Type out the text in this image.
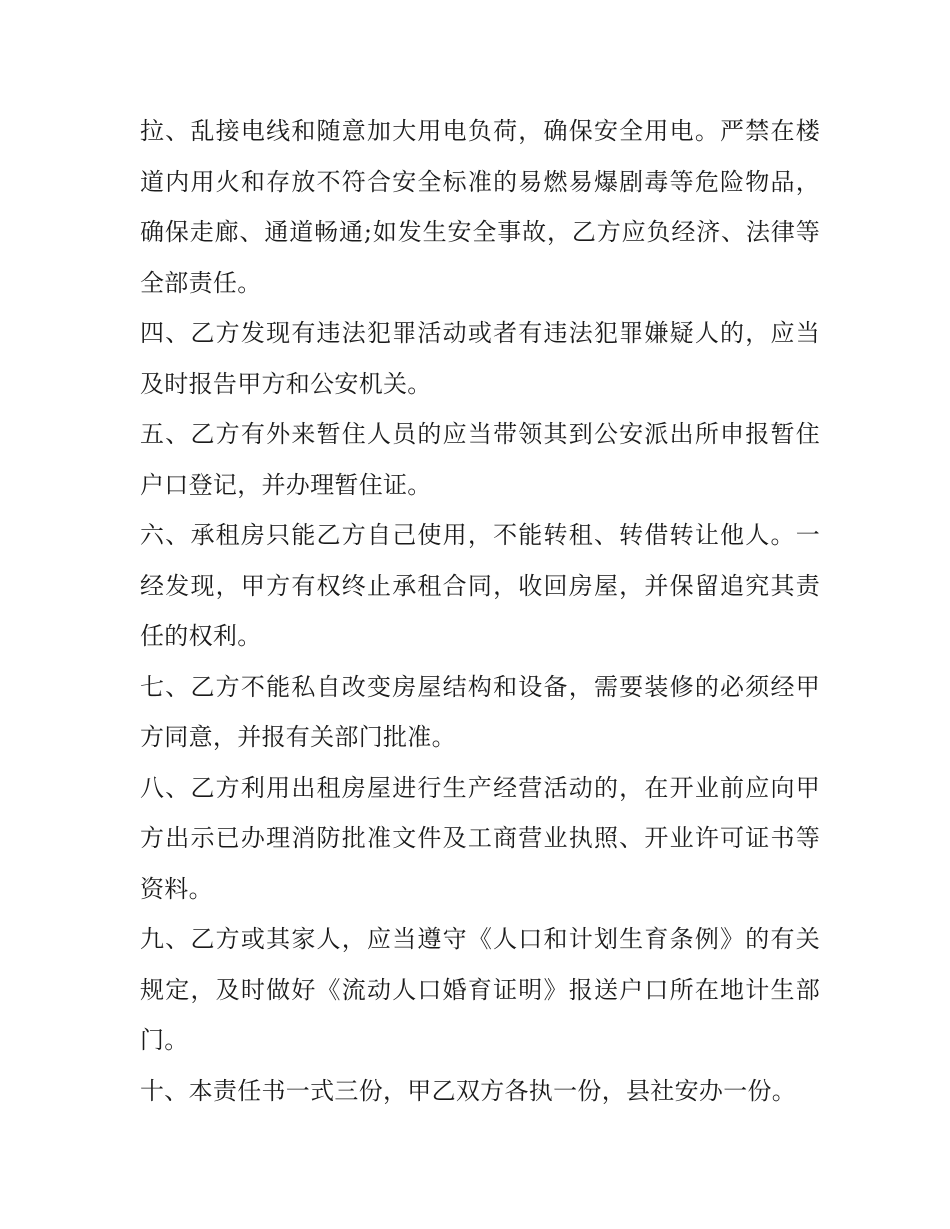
拉、乱接电线和随意加大用电负荷，确保安全用电。严禁在楼道内用火和存放不符合安全标准的易燃易爆剧毒等危险物品，确保走廊、通道畅通;如发生安全事故，乙方应负经济、法律等全部责任。

四、乙方发现有违法犯罪活动或者有违法犯罪嫌疑人的，应当及时报告甲方和公安机关。

五、乙方有外来暂住人员的应当带领其到公安派出所申报暂住户口登记，并办理暂住证。

六、承租房只能乙方自己使用，不能转租、转借转让他人。一经发现，甲方有权终止承租合同，收回房屋，并保留追究其责任的权利。

七、乙方不能私自改变房屋结构和设备，需要装修的必须经甲方同意，并报有关部门批准。

八、乙方利用出租房屋进行生产经营活动的，在开业前应向甲方出示已办理消防批准文件及工商营业执照、开业许可证书等资料。

九、乙方或其家人，应当遵守《人口和计划生育条例》的有关规定，及时做好《流动人口婚育证明》报送户口所在地计生部门。

十、本责任书一式三份，甲乙双方各执一份，县社安办一份。
